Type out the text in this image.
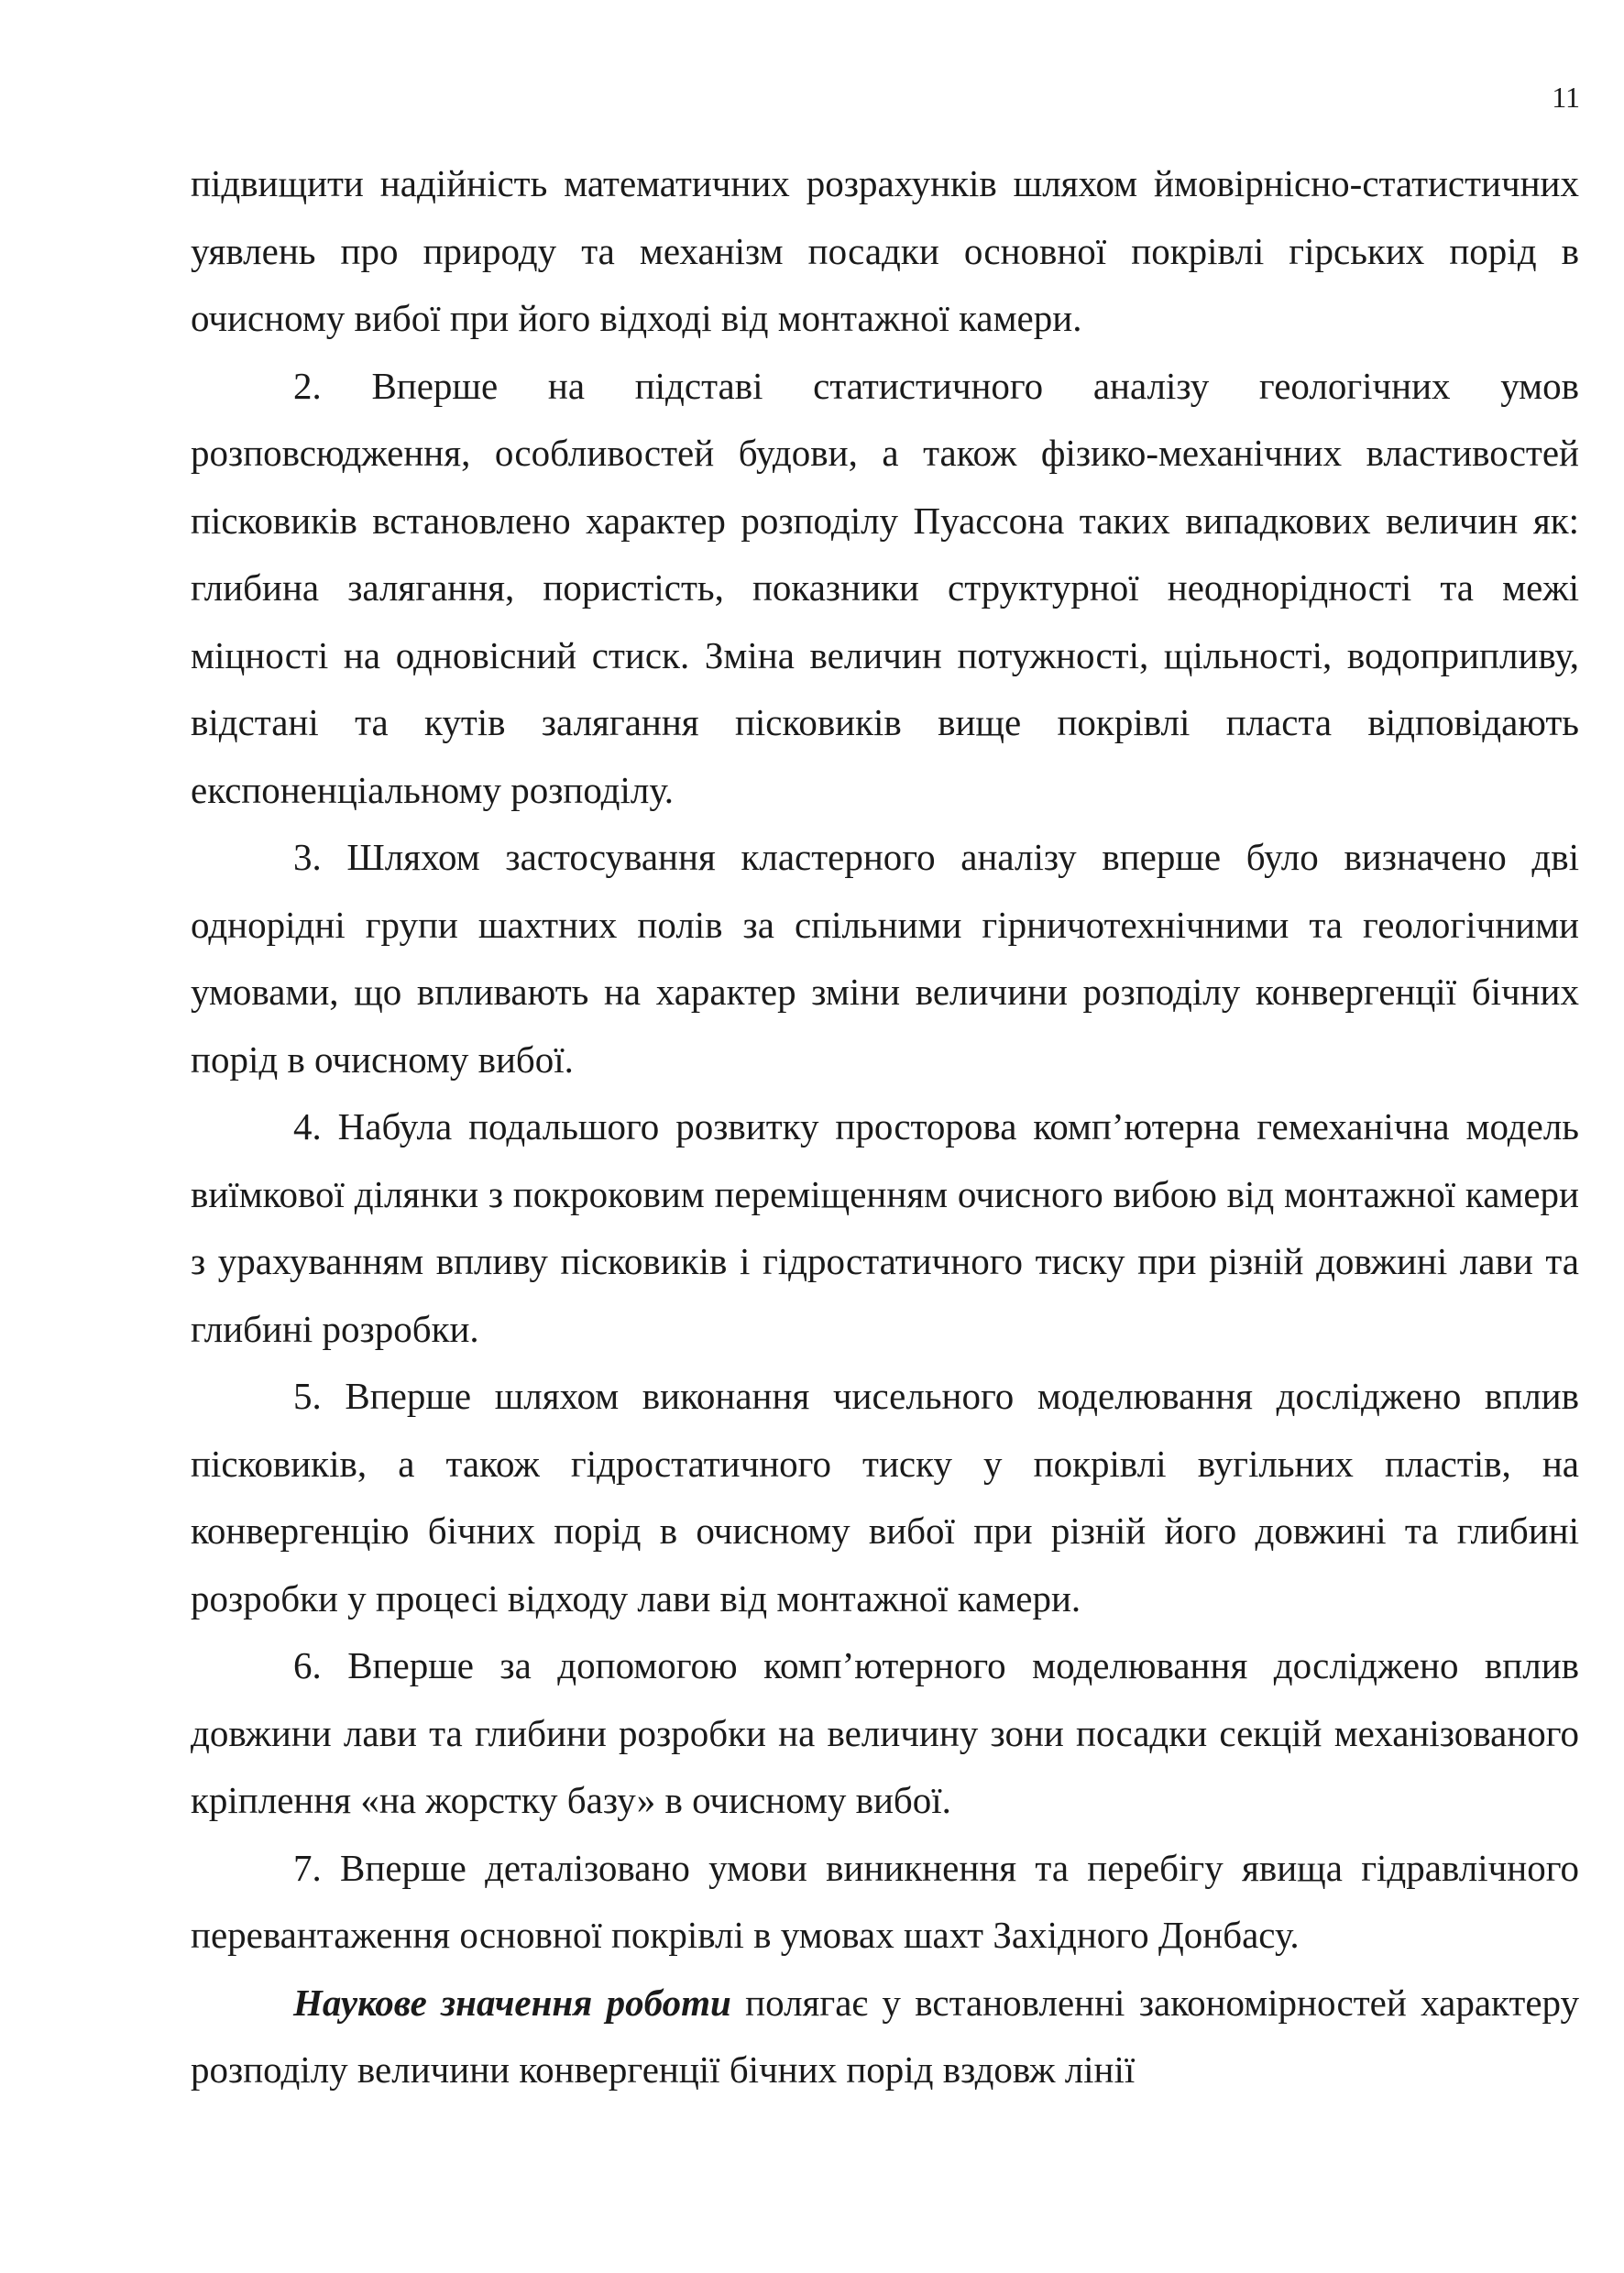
11

підвищити надійність математичних розрахунків шляхом ймовірнісно-статистичних уявлень про природу та механізм посадки основної покрівлі гірських порід в очисному вибої при його відході від монтажної камери.

2. Вперше на підставі статистичного аналізу геологічних умов розповсюдження, особливостей будови, а також фізико-механічних властивостей пісковиків встановлено характер розподілу Пуассона таких випадкових величин як: глибина залягання, пористість, показники структурної неоднорідності та межі міцності на одновісний стиск. Зміна величин потужності, щільності, водоприпливу, відстані та кутів залягання пісковиків вище покрівлі пласта відповідають експоненціальному розподілу.

3. Шляхом застосування кластерного аналізу вперше було визначено дві однорідні групи шахтних полів за спільними гірничотехнічними та геологічними умовами, що впливають на характер зміни величини розподілу конвергенції бічних порід в очисному вибої.

4. Набула подальшого розвитку просторова комп’ютерна гемеханічна модель виїмкової ділянки з покроковим переміщенням очисного вибою від монтажної камери з урахуванням впливу пісковиків і гідростатичного тиску при різній довжині лави та глибині розробки.

5. Вперше шляхом виконання чисельного моделювання досліджено вплив пісковиків, а також гідростатичного тиску у покрівлі вугільних пластів, на конвергенцію бічних порід в очисному вибої при різній його довжині та глибині розробки у процесі відходу лави від монтажної камери.

6. Вперше за допомогою комп’ютерного моделювання досліджено вплив довжини лави та глибини розробки на величину зони посадки секцій механізованого кріплення «на жорстку базу» в очисному вибої.

7. Вперше деталізовано умови виникнення та перебігу явища гідравлічного перевантаження основної покрівлі в умовах шахт Західного Донбасу.

Наукове значення роботи полягає у встановленні закономірностей характеру розподілу величини конвергенції бічних порід вздовж лінії
